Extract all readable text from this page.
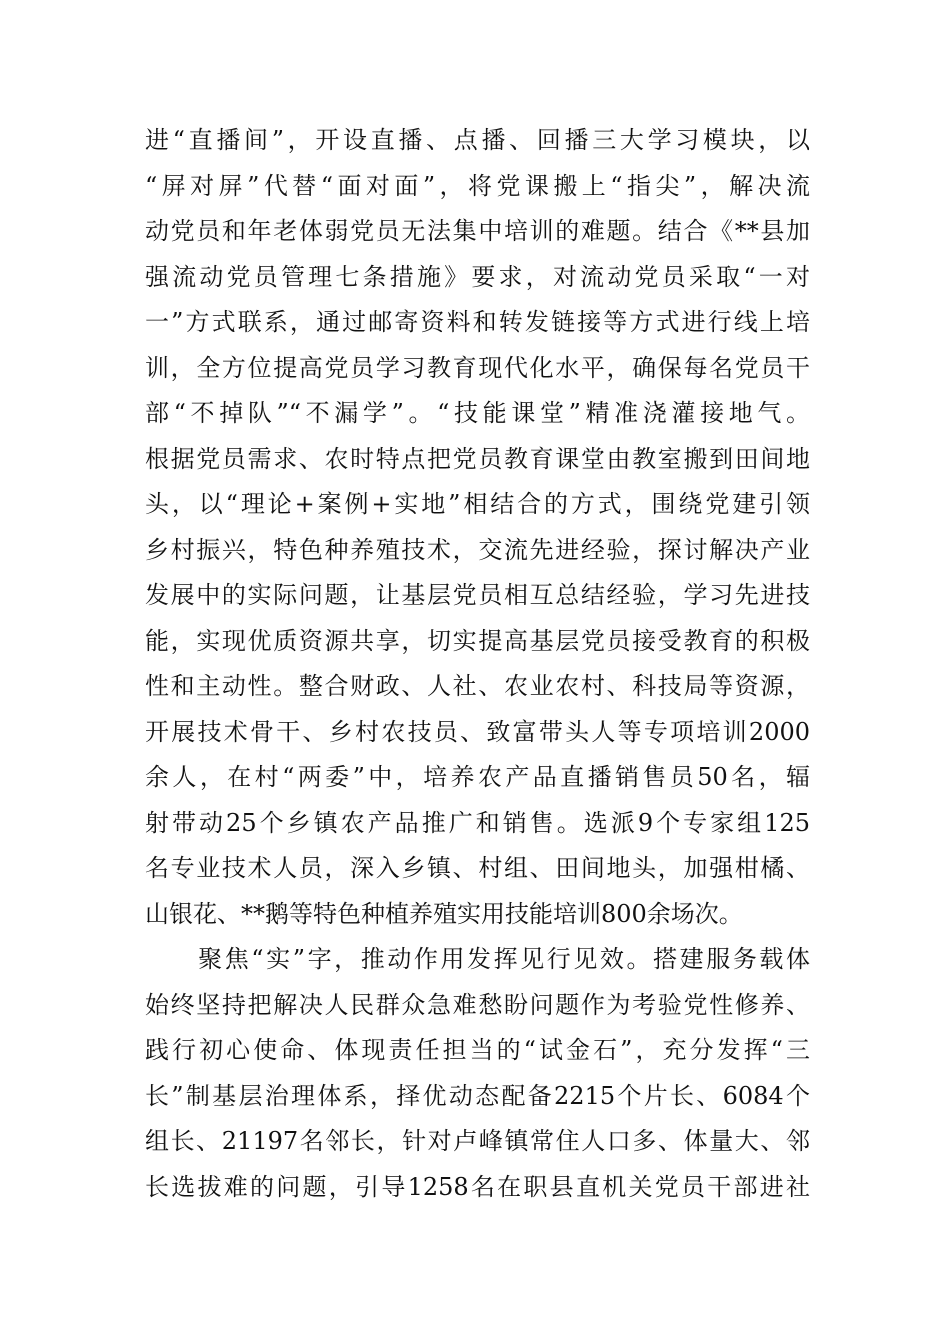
进“直播间”，开设直播、点播、回播三大学习模块，以
“屏对屏”代替“面对面”，将党课搬上“指尖”，解决流
动党员和年老体弱党员无法集中培训的难题。结合《**县加
强流动党员管理七条措施》要求，对流动党员采取“一对
一”方式联系，通过邮寄资料和转发链接等方式进行线上培
训，全方位提高党员学习教育现代化水平，确保每名党员干
部“不掉队”“不漏学”。“技能课堂”精准浇灌接地气。
根据党员需求、农时特点把党员教育课堂由教室搬到田间地
头，以“理论+案例+实地”相结合的方式，围绕党建引领
乡村振兴，特色种养殖技术，交流先进经验，探讨解决产业
发展中的实际问题，让基层党员相互总结经验，学习先进技
能，实现优质资源共享，切实提高基层党员接受教育的积极
性和主动性。整合财政、人社、农业农村、科技局等资源，
开展技术骨干、乡村农技员、致富带头人等专项培训2000
余人，在村“两委”中，培养农产品直播销售员50名，辐
射带动25个乡镇农产品推广和销售。选派9个专家组125
名专业技术人员，深入乡镇、村组、田间地头，加强柑橘、
山银花、**鹅等特色种植养殖实用技能培训800余场次。
　　聚焦“实”字，推动作用发挥见行见效。搭建服务载体
始终坚持把解决人民群众急难愁盼问题作为考验党性修养、
践行初心使命、体现责任担当的“试金石”，充分发挥“三
长”制基层治理体系，择优动态配备2215个片长、6084个
组长、21197名邻长，针对卢峰镇常住人口多、体量大、邻
长选拔难的问题，引导1258名在职县直机关党员干部进社
